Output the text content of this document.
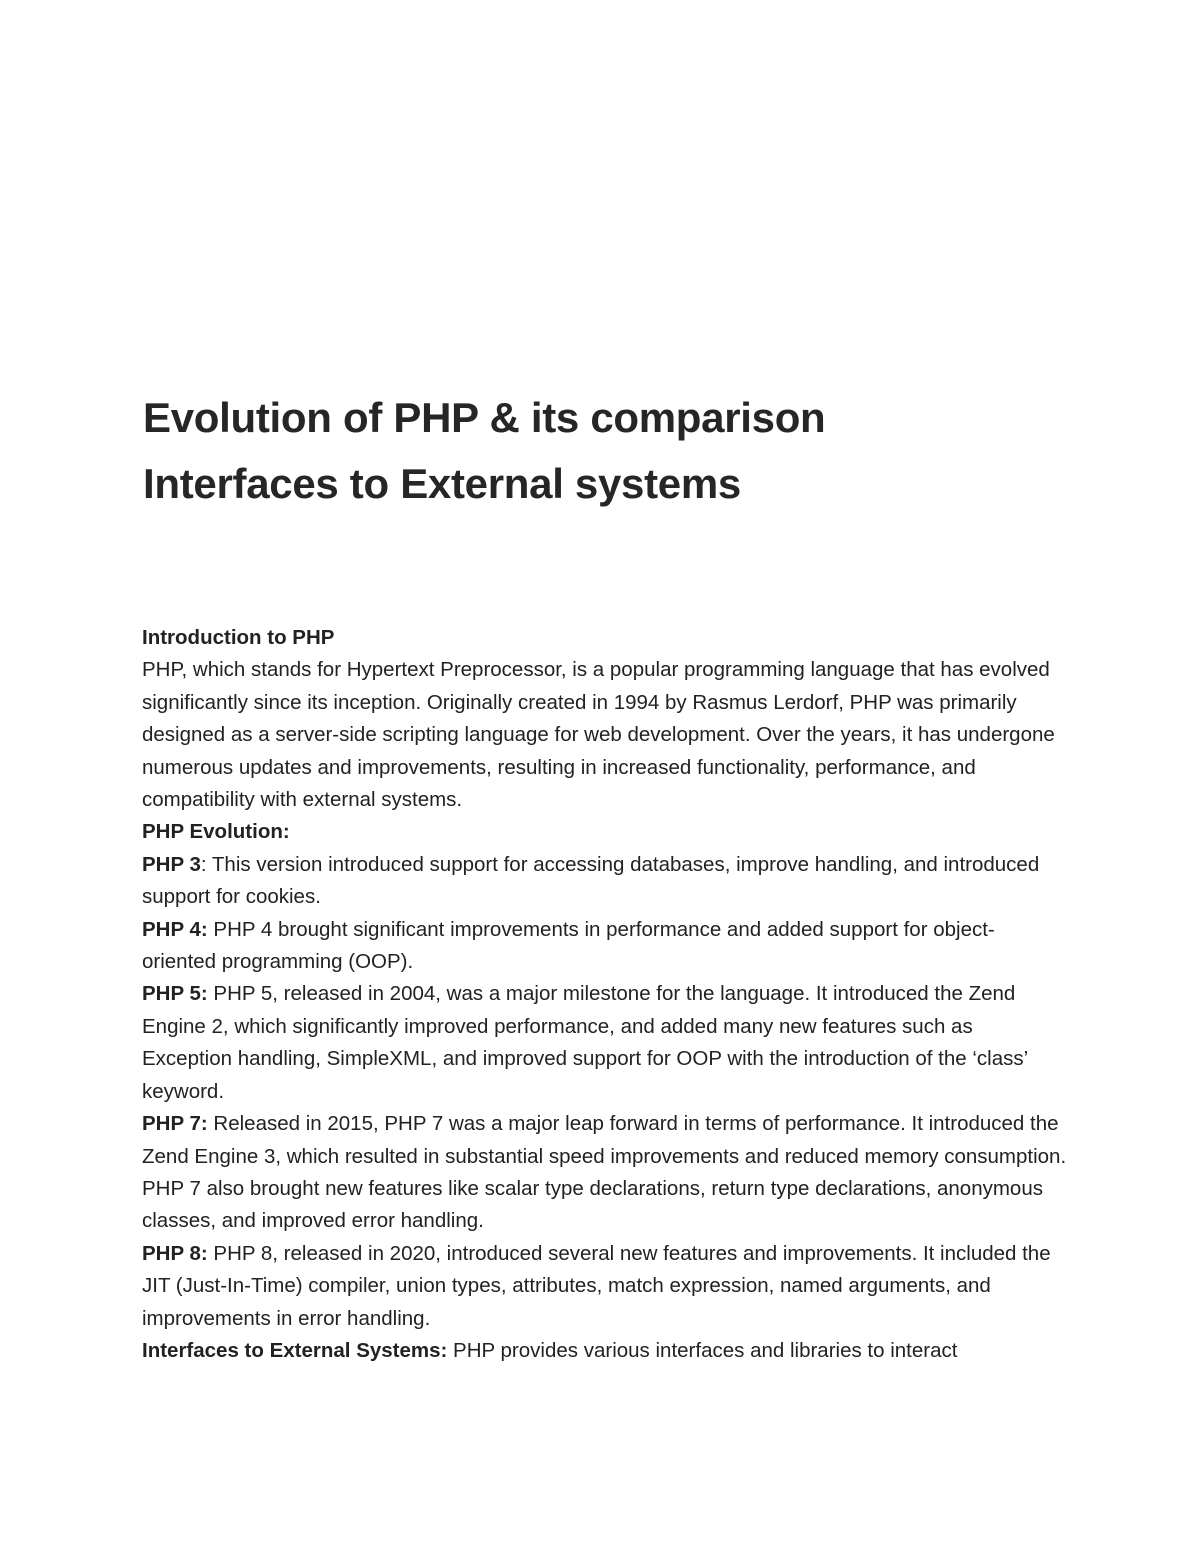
Evolution of PHP & its comparison
Interfaces to External systems

Introduction to PHP

PHP, which stands for Hypertext Preprocessor, is a popular programming language that has evolved significantly since its inception. Originally created in 1994 by Rasmus Lerdorf, PHP was primarily designed as a server-side scripting language for web development. Over the years, it has undergone numerous updates and improvements, resulting in increased functionality, performance, and compatibility with external systems.

PHP Evolution:

PHP 3: This version introduced support for accessing databases, improve handling, and introduced support for cookies.

PHP 4: PHP 4 brought significant improvements in performance and added support for object-oriented programming (OOP).

PHP 5: PHP 5, released in 2004, was a major milestone for the language. It introduced the Zend Engine 2, which significantly improved performance, and added many new features such as Exception handling, SimpleXML, and improved support for OOP with the introduction of the ‘class’ keyword.

PHP 7: Released in 2015, PHP 7 was a major leap forward in terms of performance. It introduced the Zend Engine 3, which resulted in substantial speed improvements and reduced memory consumption. PHP 7 also brought new features like scalar type declarations, return type declarations, anonymous classes, and improved error handling.

PHP 8: PHP 8, released in 2020, introduced several new features and improvements. It included the JIT (Just-In-Time) compiler, union types, attributes, match expression, named arguments, and improvements in error handling.

Interfaces to External Systems: PHP provides various interfaces and libraries to interact
